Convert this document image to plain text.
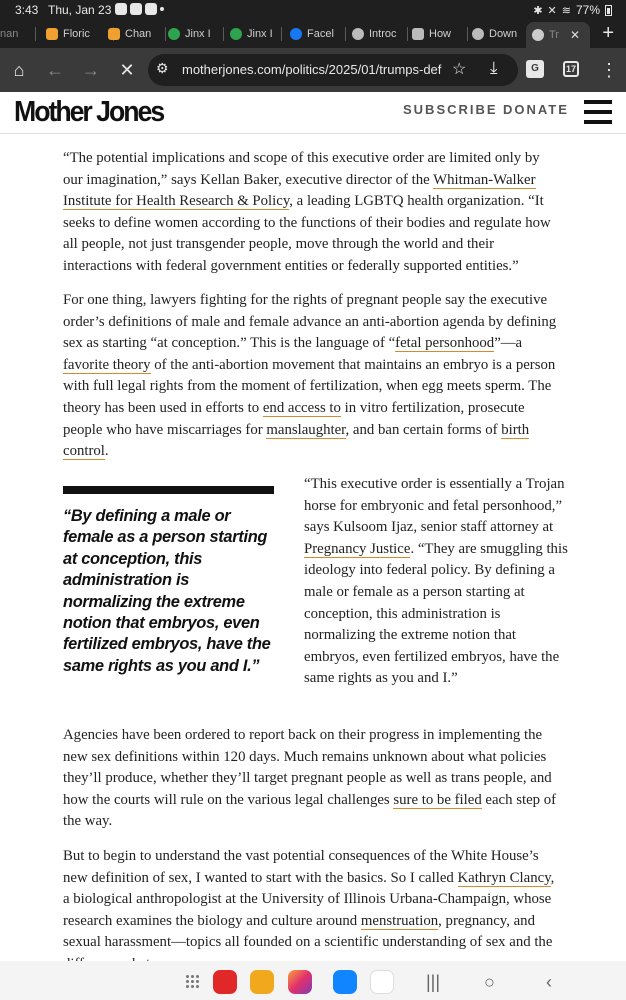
3:43 Thu, Jan 23	✱ ✕ ≋ 77%
nan	Floric	Chan	Jinx I	Jinx I	Facel	Introc	How	Down	Tr ✕ +
⌂	← → ✕ ⚙ motherjones.com/politics/2025/01/trumps-def ☆ ⤓	G	17 ⋮
Mother Jones	SUBSCRIBE DONATE

“The potential implications and scope of this executive order are limited only by our imagination,” says Kellan Baker, executive director of the Whitman-Walker Institute for Health Research & Policy, a leading LGBTQ health organization. “It seeks to define women according to the functions of their bodies and regulate how all people, not just transgender people, move through the world and their interactions with federal government entities or federally supported entities.”

For one thing, lawyers fighting for the rights of pregnant people say the executive order’s definitions of male and female advance an anti-abortion agenda by defining sex as starting “at conception.” This is the language of “fetal personhood”—a favorite theory of the anti-abortion movement that maintains an embryo is a person with full legal rights from the moment of fertilization, when egg meets sperm. The theory has been used in efforts to end access to in vitro fertilization, prosecute people who have miscarriages for manslaughter, and ban certain forms of birth control.

“By defining a male or female as a person starting at conception, this administration is normalizing the extreme notion that embryos, even fertilized embryos, have the same rights as you and I.”

“This executive order is essentially a Trojan horse for embryonic and fetal personhood,” says Kulsoom Ijaz, senior staff attorney at Pregnancy Justice. “They are smuggling this ideology into federal policy. By defining a male or female as a person starting at conception, this administration is normalizing the extreme notion that embryos, even fertilized embryos, have the same rights as you and I.”

Agencies have been ordered to report back on their progress in implementing the new sex definitions within 120 days. Much remains unknown about what policies they’ll produce, whether they’ll target pregnant people as well as trans people, and how the courts will rule on the various legal challenges sure to be filed each step of the way.

But to begin to understand the vast potential consequences of the White House’s new definition of sex, I wanted to start with the basics. So I called Kathryn Clancy, a biological anthropologist at the University of Illinois Urbana-Champaign, whose research examines the biology and culture around menstruation, pregnancy, and sexual harassment—topics all founded on a scientific understanding of sex and the

||| ○	‹
